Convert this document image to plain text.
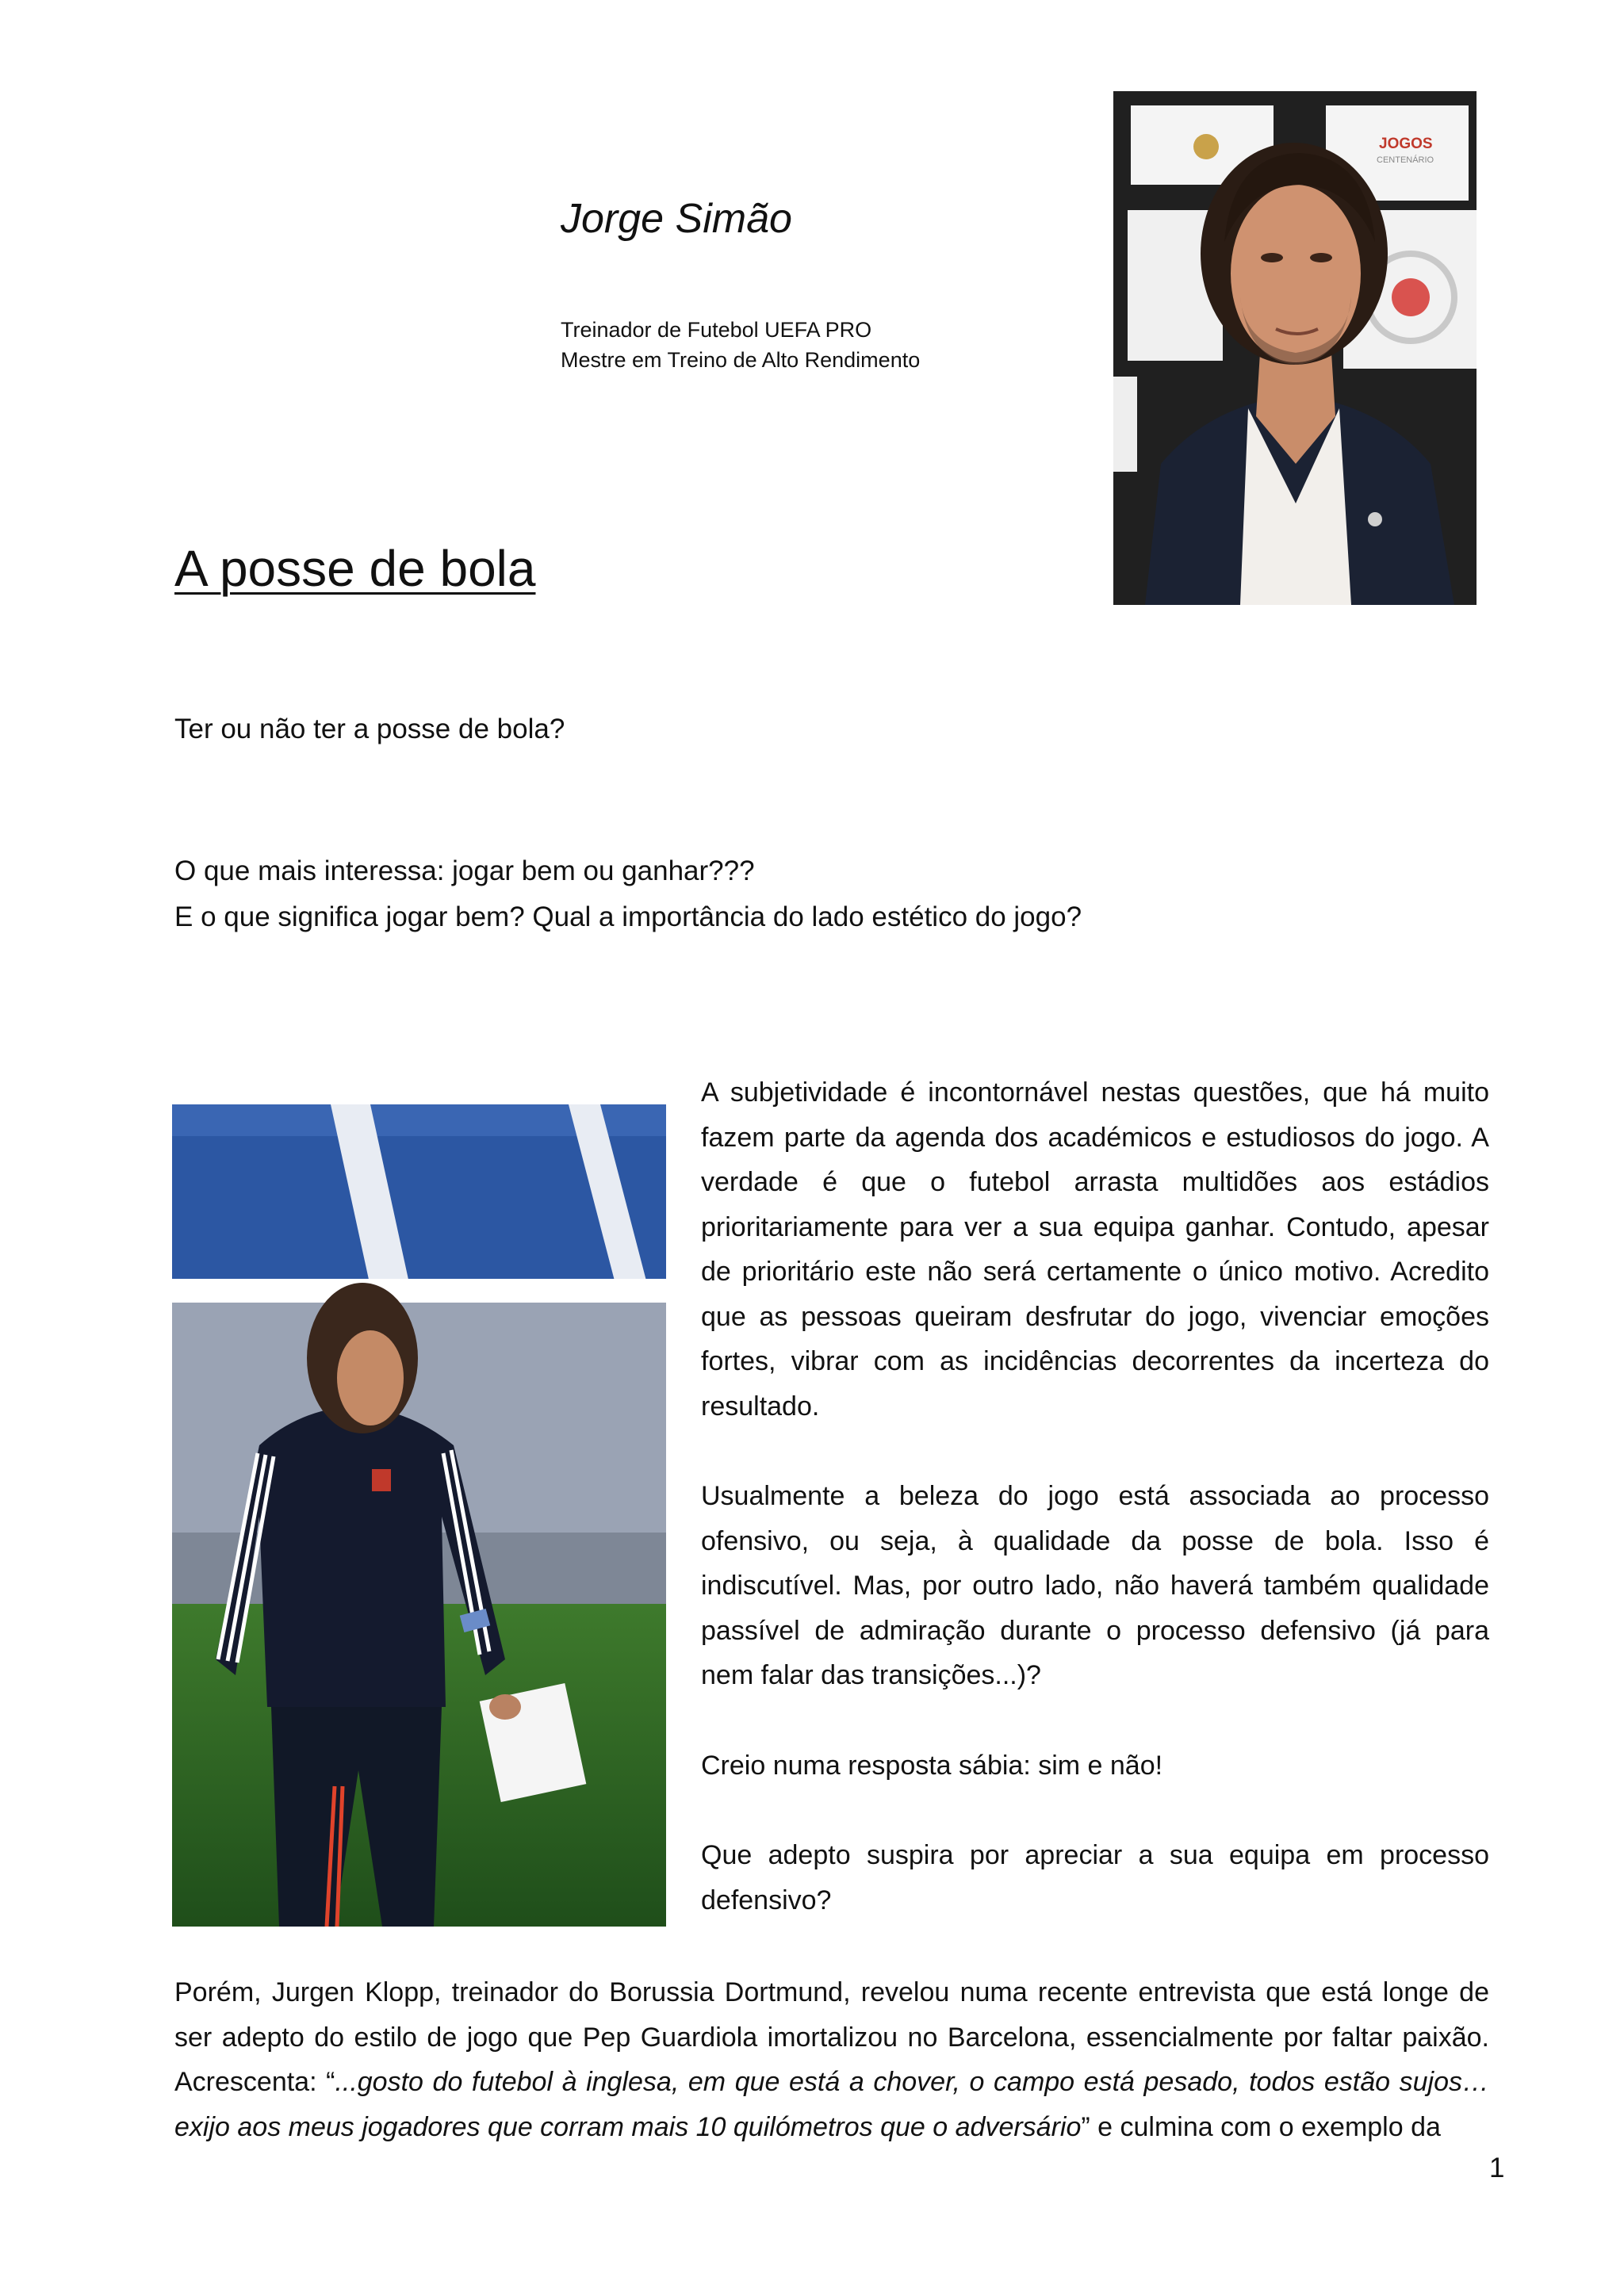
Jorge Simão
Treinador de Futebol UEFA PRO
Mestre em Treino de Alto Rendimento
JOGOS
CENTENÁRIO
A posse de bola
Ter ou não ter a posse de bola?
O que mais interessa: jogar bem ou ganhar???
E o que significa jogar bem? Qual a importância do lado estético do jogo?

A subjetividade é incontornável nestas questões, que há muito fazem parte da agenda dos académicos e estudiosos do jogo. A verdade é que o futebol arrasta multidões aos estádios prioritariamente para ver a sua equipa ganhar. Contudo, apesar de prioritário este não será certamente o único motivo. Acredito que as pessoas queiram desfrutar do jogo, vivenciar emoções fortes, vibrar com as incidências decorrentes da incerteza do resultado.

Usualmente a beleza do jogo está associada ao processo ofensivo, ou seja, à qualidade da posse de bola. Isso é indiscutível. Mas, por outro lado, não haverá também qualidade passível de admiração durante o processo defensivo (já para nem falar das transições...)?

Creio numa resposta sábia: sim e não!

Que adepto suspira por apreciar a sua equipa em processo defensivo?

Porém, Jurgen Klopp, treinador do Borussia Dortmund, revelou numa recente entrevista que está longe de ser adepto do estilo de jogo que Pep Guardiola imortalizou no Barcelona, essencialmente por faltar paixão. Acrescenta: “...gosto do futebol à inglesa, em que está a chover, o campo está pesado, todos estão sujos… exijo aos meus jogadores que corram mais 10 quilómetros que o adversário” e culmina com o exemplo da

1
